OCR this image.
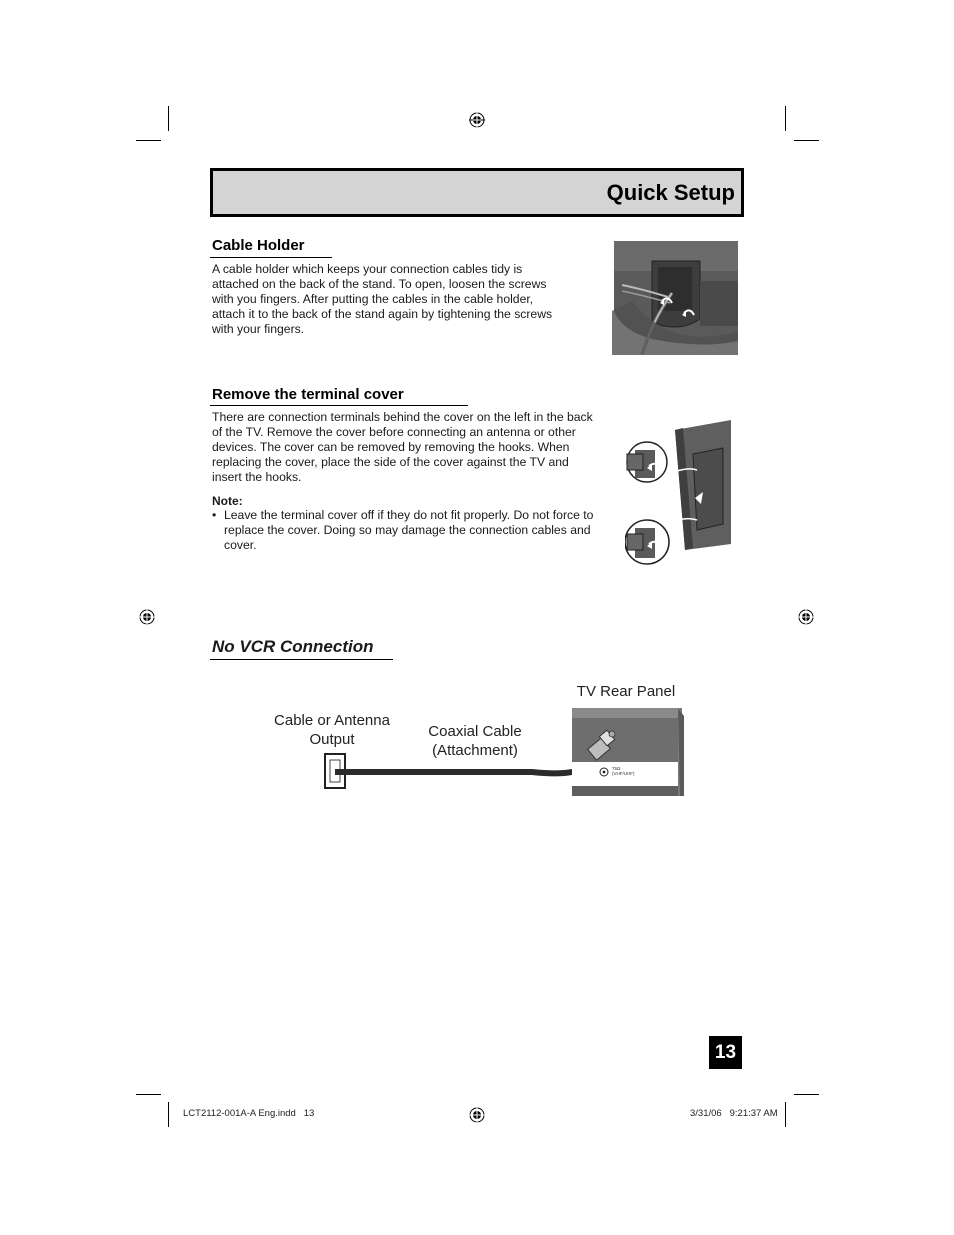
Quick Setup
Cable Holder
A cable holder which keeps your connection cables tidy is
attached on the back of the stand. To open, loosen the screws
with you fingers. After putting the cables in the cable holder,
attach it to the back of the stand again by tightening the screws
with your fingers.
Remove the terminal cover
There are connection terminals behind the cover on the left in the back
of the TV. Remove the cover before connecting an antenna or other
devices. The cover can be removed by removing the hooks. When
replacing the cover, place the side of the cover against the TV and
insert the hooks.
Note:
• Leave the terminal cover off if they do not fit properly. Do not force to replace the cover. Doing so may damage the connection cables and cover.
No VCR Connection
TV Rear Panel
Cable or Antenna
Output	Coaxial Cable
(Attachment)
75Ω
(VHF/UHF)
13
LCT2112-001A-A Eng.indd   13	3/31/06   9:21:37 AM
